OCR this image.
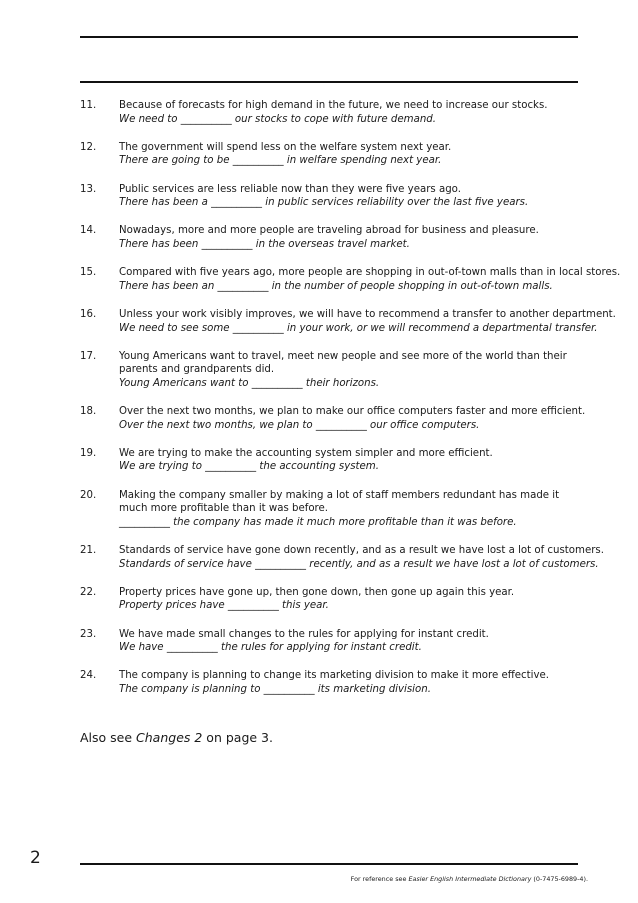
11.	Because of forecasts for high demand in the future, we need to increase our stocks.
We need to __________ our stocks to cope with future demand.
12.	The government will spend less on the welfare system next year.
There are going to be __________ in welfare spending next year.
13.	Public services are less reliable now than they were five years ago.
There has been a __________ in public services reliability over the last five years.
14.	Nowadays, more and more people are traveling abroad for business and pleasure.
There has been __________ in the overseas travel market.
15.	Compared with five years ago, more people are shopping in out-of-town malls than in local stores.
There has been an __________ in the number of people shopping in out-of-town malls.
16.	Unless your work visibly improves, we will have to recommend a transfer to another department.
We need to see some __________ in your work, or we will recommend a departmental transfer.
17.	Young Americans want to travel, meet new people and see more of the world than their parents and grandparents did.
Young Americans want to __________ their horizons.
18.	Over the next two months, we plan to make our office computers faster and more efficient.
Over the next two months, we plan to __________ our office computers.
19.	We are trying to make the accounting system simpler and more efficient.
We are trying to __________ the accounting system.
20.	Making the company smaller by making a lot of staff members redundant has made it much more profitable than it was before.
__________ the company has made it much more profitable than it was before.
21.	Standards of service have gone down recently, and as a result we have lost a lot of customers.
Standards of service have __________ recently, and as a result we have lost a lot of customers.
22.	Property prices have gone up, then gone down, then gone up again this year.
Property prices have __________ this year.
23.	We have made small changes to the rules for applying for instant credit.
We have __________ the rules for applying for instant credit.
24.	The company is planning to change its marketing division to make it more effective.
The company is planning to __________ its marketing division.
Also see Changes 2 on page 3.
2
For reference see Easier English Intermediate Dictionary (0-7475-6989-4).
